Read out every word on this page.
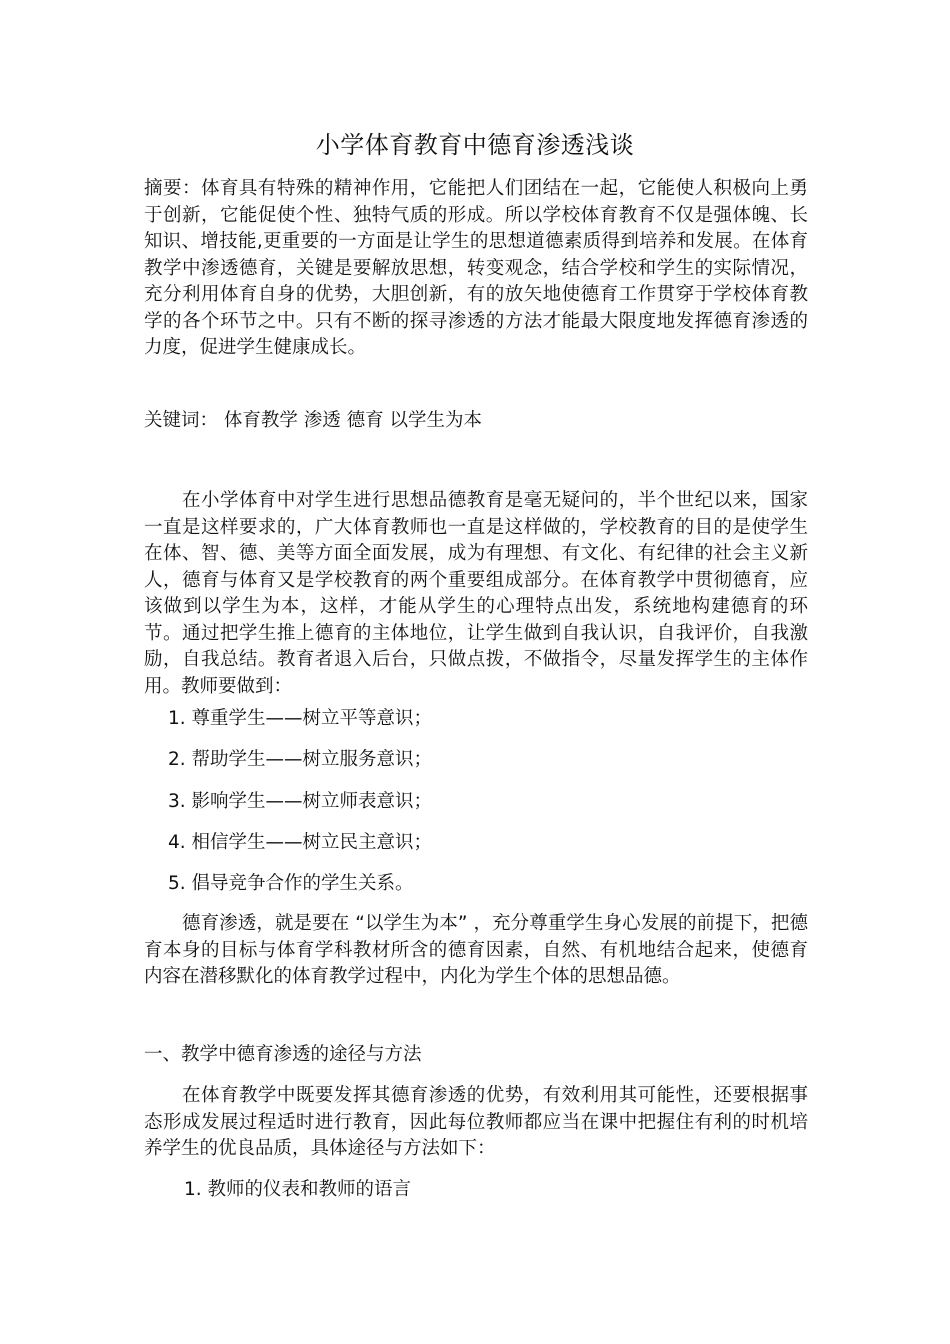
小学体育教育中德育渗透浅谈

摘要：体育具有特殊的精神作用，它能把人们团结在一起，它能使人积极向上勇于创新，它能促使个性、独特气质的形成。所以学校体育教育不仅是强体魄、长知识、增技能,更重要的一方面是让学生的思想道德素质得到培养和发展。在体育教学中渗透德育，关键是要解放思想，转变观念，结合学校和学生的实际情况，充分利用体育自身的优势，大胆创新，有的放矢地使德育工作贯穿于学校体育教学的各个环节之中。只有不断的探寻渗透的方法才能最大限度地发挥德育渗透的力度，促进学生健康成长。

关键词： 体育教学 渗透 德育 以学生为本

在小学体育中对学生进行思想品德教育是毫无疑问的，半个世纪以来，国家一直是这样要求的，广大体育教师也一直是这样做的，学校教育的目的是使学生在体、智、德、美等方面全面发展，成为有理想、有文化、有纪律的社会主义新人，德育与体育又是学校教育的两个重要组成部分。在体育教学中贯彻德育，应该做到以学生为本，这样，才能从学生的心理特点出发，系统地构建德育的环节。通过把学生推上德育的主体地位，让学生做到自我认识，自我评价，自我激励，自我总结。教育者退入后台，只做点拨，不做指令，尽量发挥学生的主体作用。教师要做到：

1. 尊重学生——树立平等意识；
2. 帮助学生——树立服务意识；
3. 影响学生——树立师表意识；
4. 相信学生——树立民主意识；
5. 倡导竞争合作的学生关系。

德育渗透，就是要在 “以学生为本” ，充分尊重学生身心发展的前提下，把德育本身的目标与体育学科教材所含的德育因素，自然、有机地结合起来，使德育内容在潜移默化的体育教学过程中，内化为学生个体的思想品德。

一、教学中德育渗透的途径与方法

在体育教学中既要发挥其德育渗透的优势，有效利用其可能性，还要根据事态形成发展过程适时进行教育，因此每位教师都应当在课中把握住有利的时机培养学生的优良品质，具体途径与方法如下：

1. 教师的仪表和教师的语言
